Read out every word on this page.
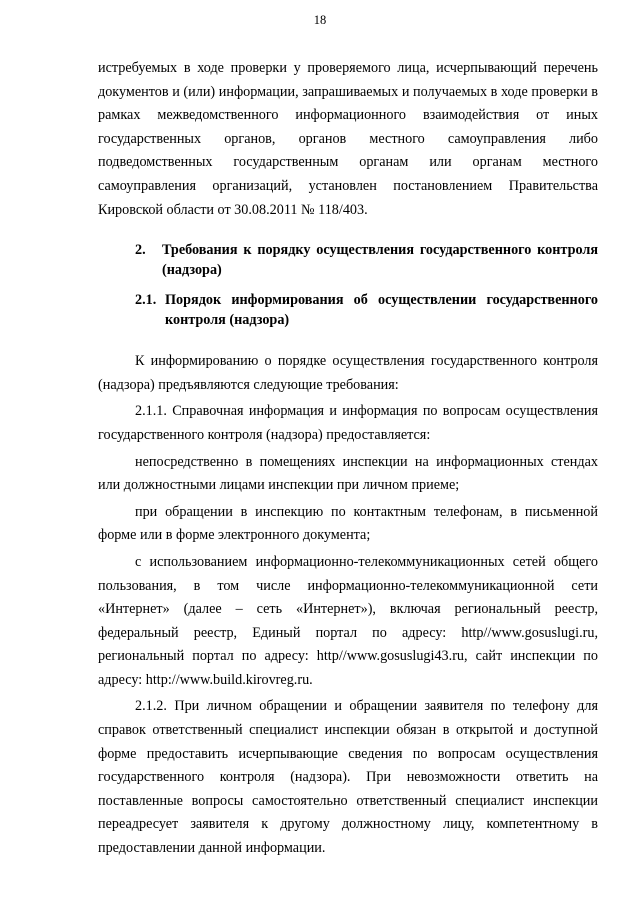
18

истребуемых в ходе проверки у проверяемого лица, исчерпывающий перечень документов и (или) информации, запрашиваемых и получаемых в ходе проверки в рамках межведомственного информационного взаимодействия от иных государственных органов, органов местного самоуправления либо подведомственных государственным органам или органам местного самоуправления организаций, установлен постановлением Правительства Кировской области от 30.08.2011 № 118/403.

2.	Требования к порядку осуществления государственного контроля (надзора)
2.1. Порядок информирования об осуществлении государственного контроля (надзора)

К информированию о порядке осуществления государственного контроля (надзора) предъявляются следующие требования:

2.1.1. Справочная информация и информация по вопросам осуществления государственного контроля (надзора) предоставляется:

непосредственно в помещениях инспекции на информационных стендах или должностными лицами инспекции при личном приеме;

при обращении в инспекцию по контактным телефонам, в письменной форме или в форме электронного документа;

с использованием информационно-телекоммуникационных сетей общего пользования, в том числе информационно-телекоммуникационной сети «Интернет» (далее – сеть «Интернет»), включая региональный реестр, федеральный реестр, Единый портал по адресу: http//www.gosuslugi.ru, региональный портал по адресу: http//www.gosuslugi43.ru, сайт инспекции по адресу: http://www.build.kirovreg.ru.

2.1.2. При личном обращении и обращении заявителя по телефону для справок ответственный специалист инспекции обязан в открытой и доступной форме предоставить исчерпывающие сведения по вопросам осуществления государственного контроля (надзора). При невозможности ответить на поставленные вопросы самостоятельно ответственный специалист инспекции переадресует заявителя к другому должностному лицу, компетентному в предоставлении данной информации.
